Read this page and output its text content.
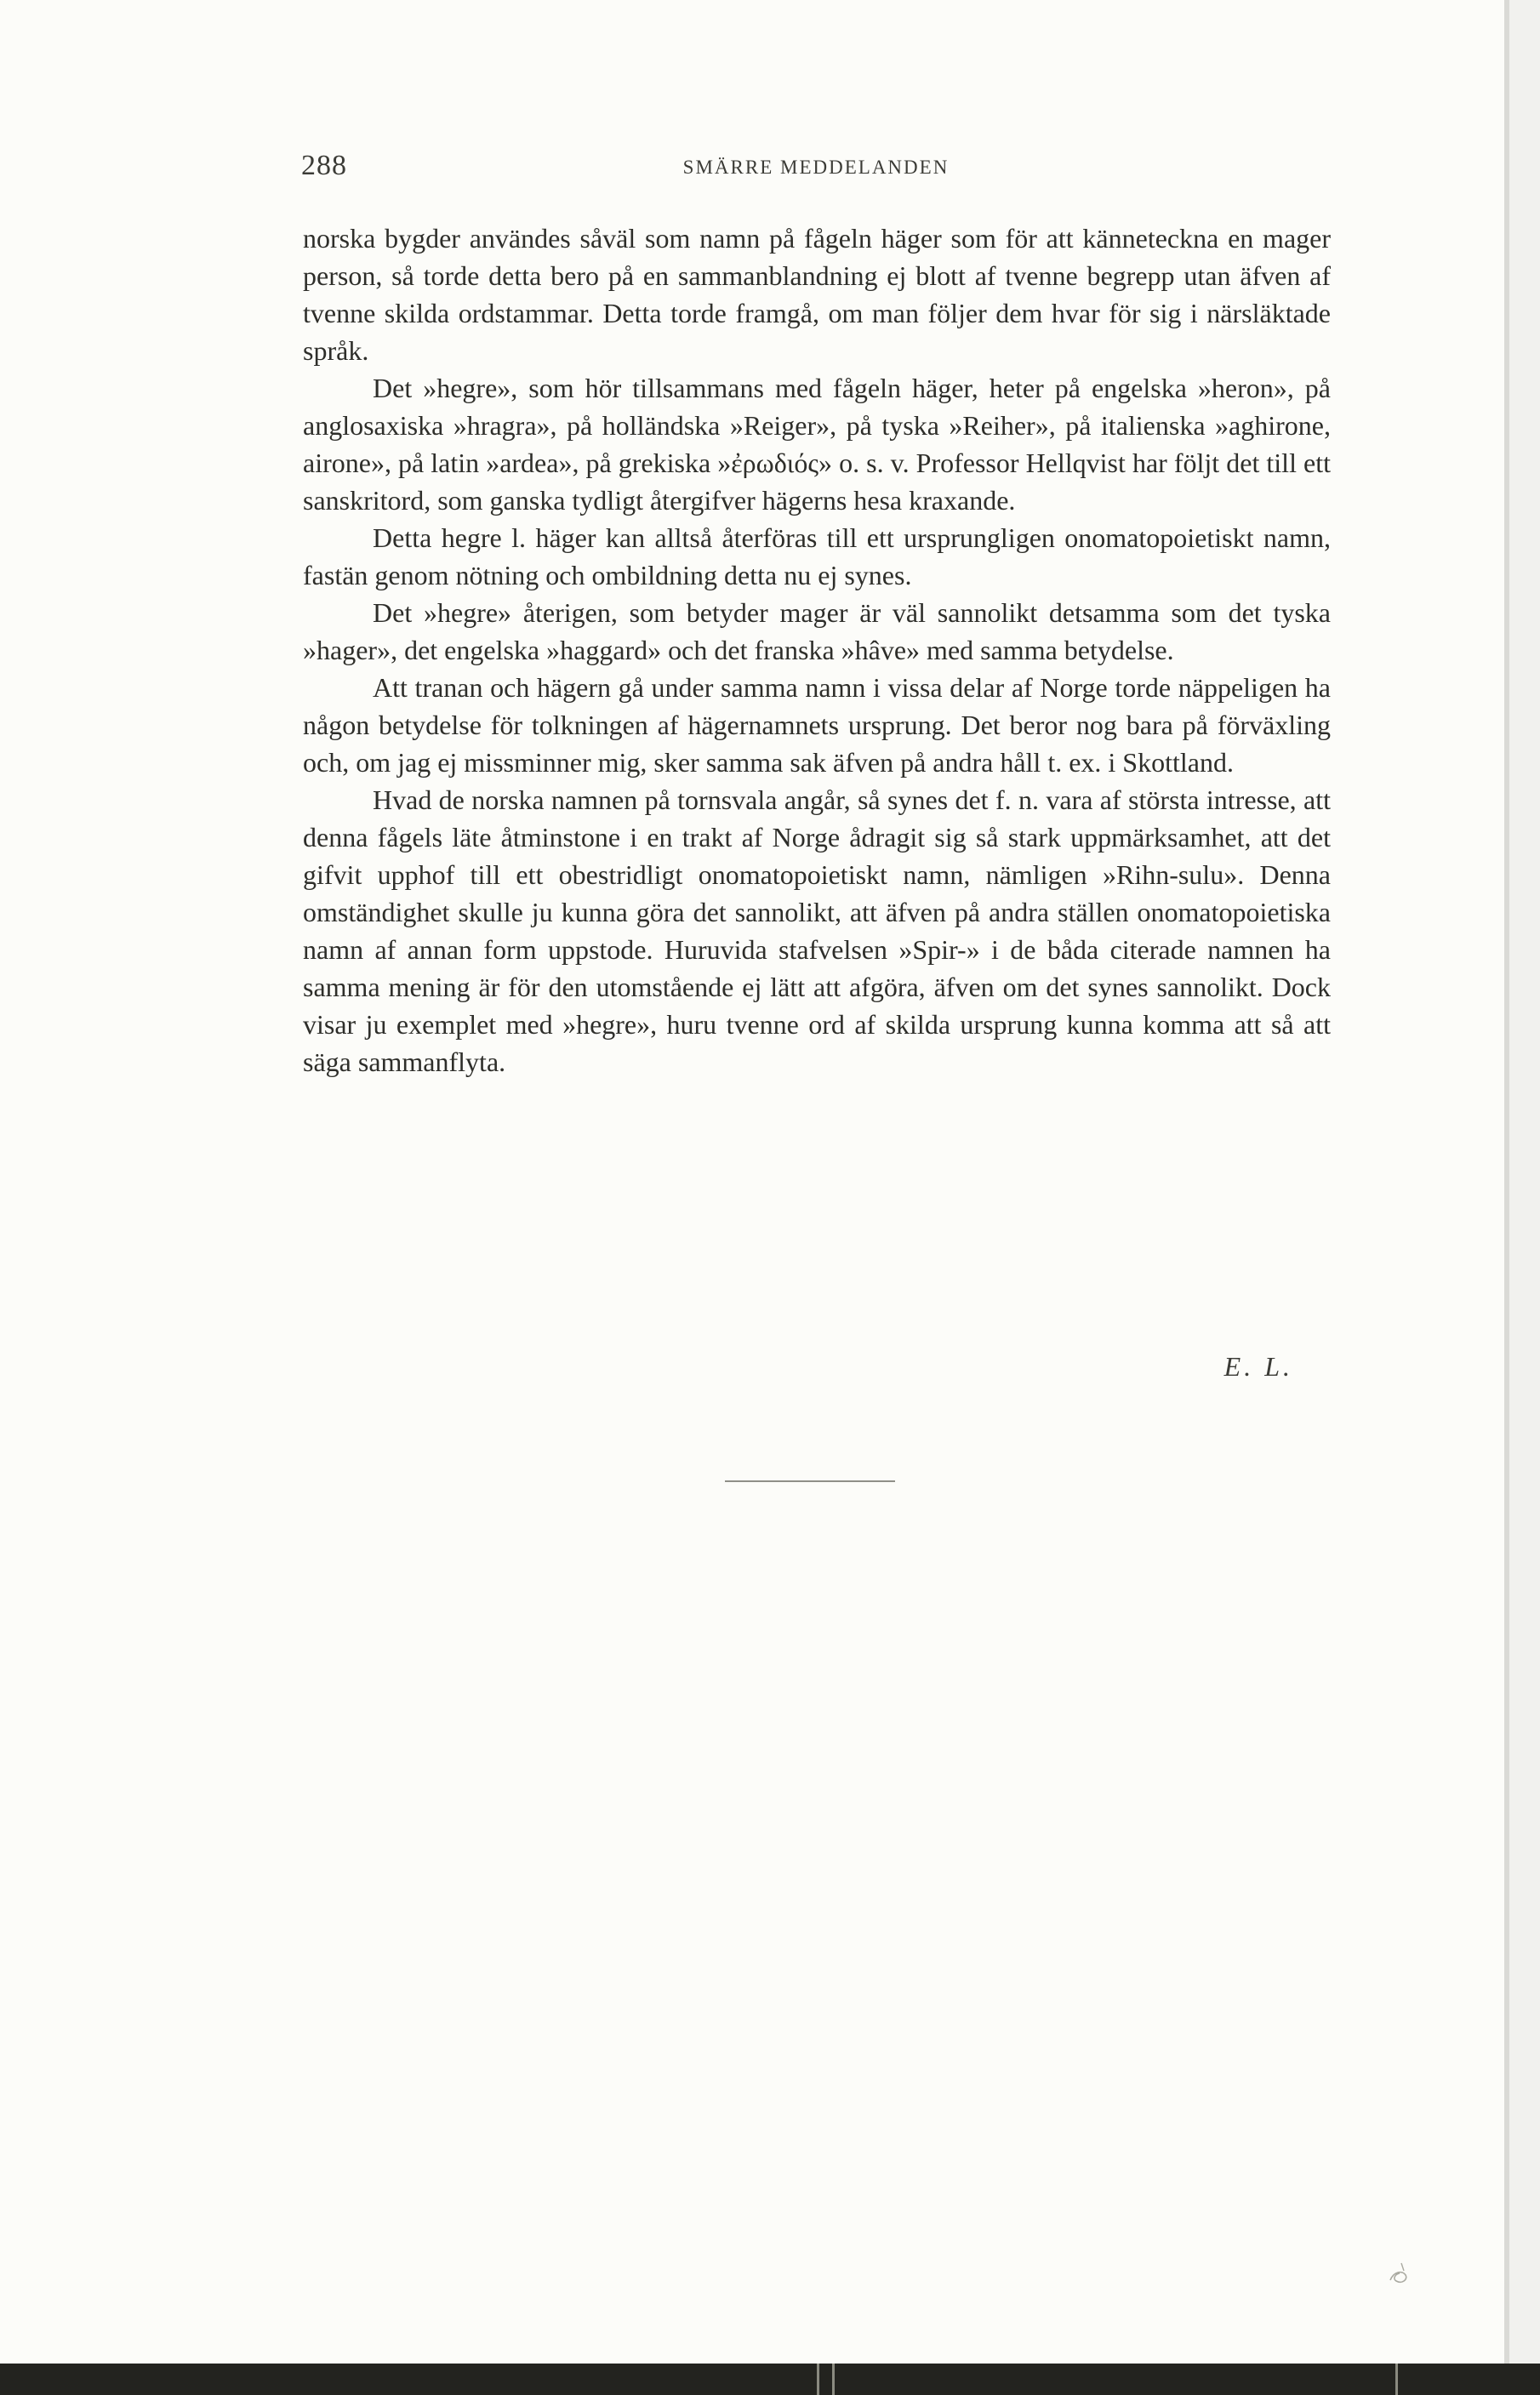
288	SMÄRRE MEDDELANDEN

norska bygder användes såväl som namn på fågeln häger som för att känneteckna en mager person, så torde detta bero på en sammanblandning ej blott af tvenne begrepp utan äfven af tvenne skilda ordstammar. Detta torde framgå, om man följer dem hvar för sig i närsläktade språk.

Det »hegre», som hör tillsammans med fågeln häger, heter på engelska »heron», på anglosaxiska »hragra», på holländska »Reiger», på tyska »Reiher», på italienska »aghirone, airone», på latin »ardea», på grekiska »ἐρωδιός» o. s. v. Professor Hellqvist har följt det till ett sanskritord, som ganska tydligt återgifver hägerns hesa kraxande.

Detta hegre l. häger kan alltså återföras till ett ursprungligen onomatopoietiskt namn, fastän genom nötning och ombildning detta nu ej synes.

Det »hegre» återigen, som betyder mager är väl sannolikt detsamma som det tyska »hager», det engelska »haggard» och det franska »hâve» med samma betydelse.

Att tranan och hägern gå under samma namn i vissa delar af Norge torde näppeligen ha någon betydelse för tolkningen af hägernamnets ursprung. Det beror nog bara på förväxling och, om jag ej missminner mig, sker samma sak äfven på andra håll t. ex. i Skottland.

Hvad de norska namnen på tornsvala angår, så synes det f. n. vara af största intresse, att denna fågels läte åtminstone i en trakt af Norge ådragit sig så stark uppmärksamhet, att det gifvit upphof till ett obestridligt onomatopoietiskt namn, nämligen »Rihn-sulu». Denna omständighet skulle ju kunna göra det sannolikt, att äfven på andra ställen onomatopoietiska namn af annan form uppstode. Huruvida stafvelsen »Spir-» i de båda citerade namnen ha samma mening är för den utomstående ej lätt att afgöra, äfven om det synes sannolikt. Dock visar ju exemplet med »hegre», huru tvenne ord af skilda ursprung kunna komma att så att säga sammanflyta.

E. L.
